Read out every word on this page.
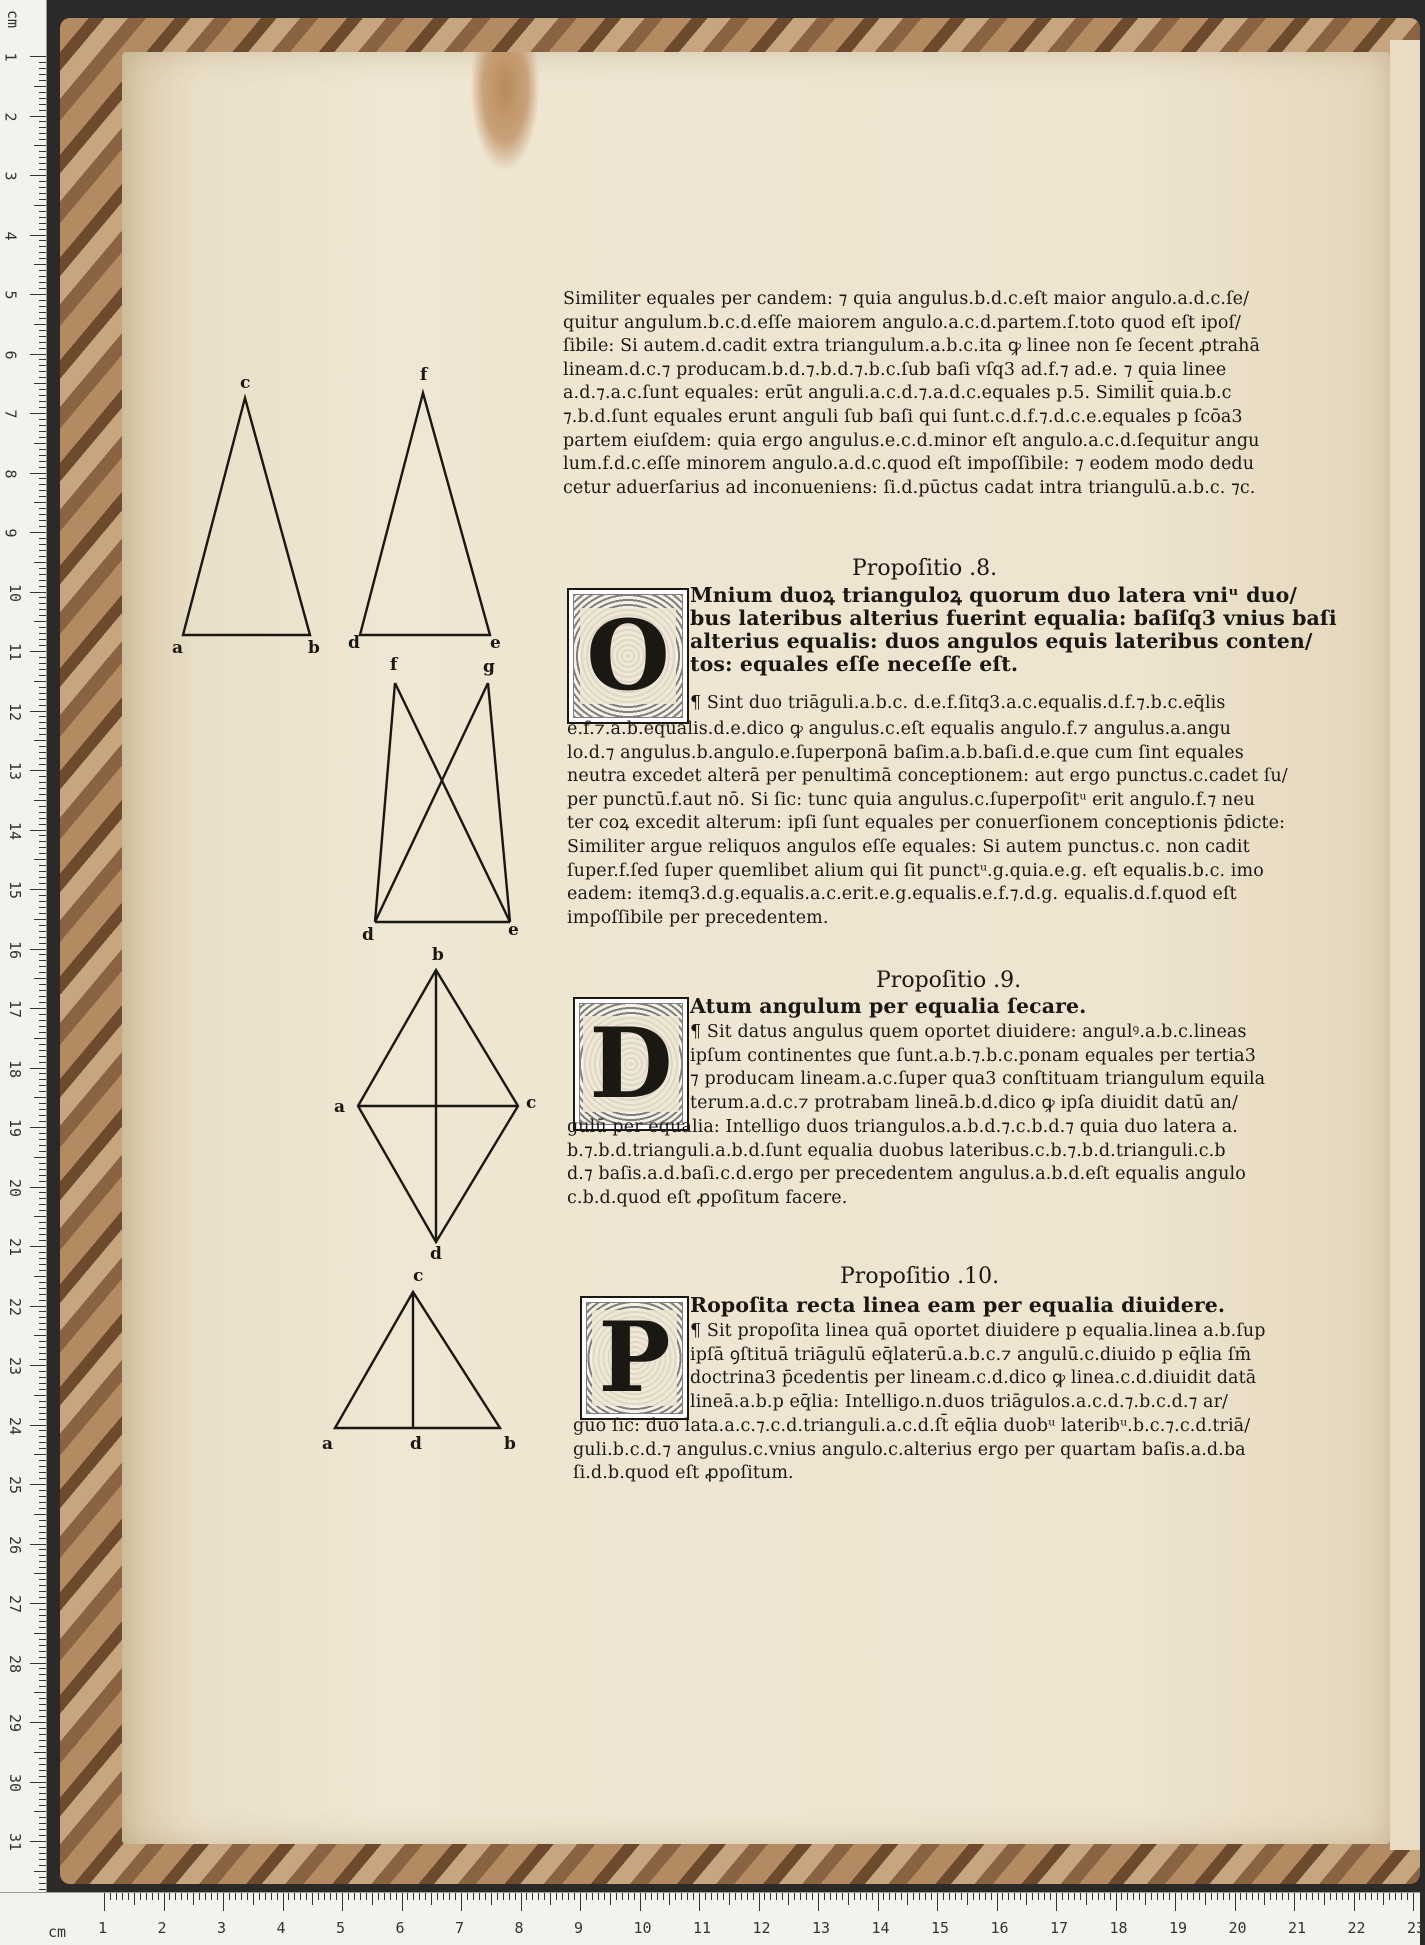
cm
1
2
3
4
5
6
7
8
9
10
11
12
13
14
15
16
17
18
19
20
21
22
23
24
25
26
27
28
29
30
31
cm 1	2	3	4	5	6	7	8	9	10	11	12	13	14	15	16	17	18	19	20	21	22	23
c
a	b
f
d	e
f	g
d	e
b
a	c
d
c
a	d	b

Similiter equales per candem: ⁊ quia angulus.b.d.c.eſt maior angulo.a.d.c.ſe/

quitur angulum.b.c.d.eſſe maiorem angulo.a.c.d.partem.ſ.toto quod eſt ipoſ/

ſibile: Si autem.d.cadit extra triangulum.a.b.c.ita ꝙ linee non ſe ſecent ꝓtrahā

lineam.d.c.⁊ producam.b.d.⁊.b.d.⁊.b.c.ſub baſi vſq3 ad.f.⁊ ad.e. ⁊ quia linee

a.d.⁊.a.c.ſunt equales: erūt anguli.a.c.d.⁊.a.d.c.equales p.5. Similit̄ quia.b.c

⁊.b.d.ſunt equales erunt anguli ſub baſi qui ſunt.c.d.f.⁊.d.c.e.equales p ſcōa3

partem eiuſdem: quia ergo angulus.e.c.d.minor eſt angulo.a.c.d.ſequitur angu

lum.f.d.c.eſſe minorem angulo.a.d.c.quod eſt impoſſibile: ⁊ eodem modo dedu

cetur aduerſarius ad inconueniens: ſi.d.pūctus cadat intra triangulū.a.b.c. ⁊c.

Propoſitio .8.
O

Mnium duoꝝ trianguloꝝ quorum duo latera vniᵘ duo/

bus lateribus alterius fuerint equalia: baſiſq3 vnius baſi

alterius equalis: duos angulos equis lateribus conten/

tos: equales eſſe neceſſe eſt.

¶ Sint duo triāguli.a.b.c. d.e.f.ſitq3.a.c.equalis.d.f.⁊.b.c.eq̄lis

e.f.⁊.a.b.equalis.d.e.dico ꝙ angulus.c.eſt equalis angulo.f.⁊ angulus.a.angu

lo.d.⁊ angulus.b.angulo.e.ſuperponā baſim.a.b.baſi.d.e.que cum ſint equales

neutra excedet alterā per penultimā conceptionem: aut ergo punctus.c.cadet ſu/

per punctū.f.aut nō. Si ſic: tunc quia angulus.c.ſuperpoſitᵘ erit angulo.f.⁊ neu

ter coꝝ excedit alterum: ipſi ſunt equales per conuerſionem conceptionis p̄dicte:

Similiter argue reliquos angulos eſſe equales: Si autem punctus.c. non cadit

ſuper.f.ſed ſuper quemlibet alium qui ſit punctᵘ.g.quia.e.g. eſt equalis.b.c. imo

eadem: itemq3.d.g.equalis.a.c.erit.e.g.equalis.e.f.⁊.d.g. equalis.d.f.quod eſt

impoſſibile per precedentem.

Propoſitio .9.
D

Atum angulum per equalia ſecare.

¶ Sit datus angulus quem oportet diuidere: angulꝰ.a.b.c.lineas

ipſum continentes que ſunt.a.b.⁊.b.c.ponam equales per tertia3

⁊ producam lineam.a.c.ſuper qua3 conſtituam triangulum equila

terum.a.d.c.⁊ protrabam lineā.b.d.dico ꝙ ipſa diuidit datū an/

gulū per equalia: Intelligo duos triangulos.a.b.d.⁊.c.b.d.⁊ quia duo latera a.

b.⁊.b.d.trianguli.a.b.d.ſunt equalia duobus lateribus.c.b.⁊.b.d.trianguli.c.b

d.⁊ baſis.a.d.baſi.c.d.ergo per precedentem angulus.a.b.d.eſt equalis angulo

c.b.d.quod eſt ꝓpoſitum facere.

Propoſitio .10.
P Ropoſita recta linea eam per equalia diuidere.

¶ Sit propoſita linea quā oportet diuidere p equalia.linea a.b.ſup

ipſā ꝯſtituā triāgulū eq̄laterū.a.b.c.⁊ angulū.c.diuido p eq̄lia ſm̄

doctrina3 p̄cedentis per lineam.c.d.dico ꝙ linea.c.d.diuidit datā

lineā.a.b.p eq̄lia: Intelligo.n.duos triāgulos.a.c.d.⁊.b.c.d.⁊ ar/

guo ſic: duo lata.a.c.⁊.c.d.trianguli.a.c.d.ſt̄ eq̄lia duobᵘ lateribᵘ.b.c.⁊.c.d.triā/

guli.b.c.d.⁊ angulus.c.vnius angulo.c.alterius ergo per quartam baſis.a.d.ba

ſi.d.b.quod eſt ꝓpoſitum.
